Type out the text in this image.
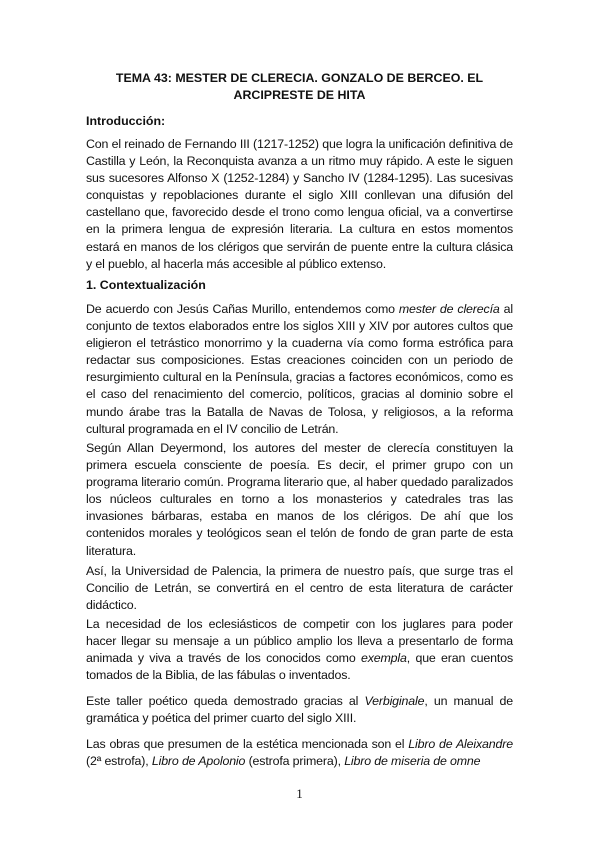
TEMA 43: MESTER DE CLERECIA. GONZALO DE BERCEO. EL ARCIPRESTE DE HITA
Introducción:
Con el reinado de Fernando III (1217-1252) que logra la unificación definitiva de Castilla y León, la Reconquista avanza a un ritmo muy rápido. A este le siguen sus sucesores Alfonso X (1252-1284) y Sancho IV (1284-1295). Las sucesivas conquistas y repoblaciones durante el siglo XIII conllevan una difusión del castellano que, favorecido desde el trono como lengua oficial, va a convertirse en la primera lengua de expresión literaria. La cultura en estos momentos estará en manos de los clérigos que servirán de puente entre la cultura clásica y el pueblo, al hacerla más accesible al público extenso.
1. Contextualización
De acuerdo con Jesús Cañas Murillo, entendemos como mester de clerecía al conjunto de textos elaborados entre los siglos XIII y XIV por autores cultos que eligieron el tetrástico monorrimo y la cuaderna vía como forma estrófica para redactar sus composiciones. Estas creaciones coinciden con un periodo de resurgimiento cultural en la Península, gracias a factores económicos, como es el caso del renacimiento del comercio, políticos, gracias al dominio sobre el mundo árabe tras la Batalla de Navas de Tolosa, y religiosos, a la reforma cultural programada en el IV concilio de Letrán.
Según Allan Deyermond, los autores del mester de clerecía constituyen la primera escuela consciente de poesía. Es decir, el primer grupo con un programa literario común. Programa literario que, al haber quedado paralizados los núcleos culturales en torno a los monasterios y catedrales tras las invasiones bárbaras, estaba en manos de los clérigos. De ahí que los contenidos morales y teológicos sean el telón de fondo de gran parte de esta literatura.
Así, la Universidad de Palencia, la primera de nuestro país, que surge tras el Concilio de Letrán, se convertirá en el centro de esta literatura de carácter didáctico.
La necesidad de los eclesiásticos de competir con los juglares para poder hacer llegar su mensaje a un público amplio los lleva a presentarlo de forma animada y viva a través de los conocidos como exempla, que eran cuentos tomados de la Biblia, de las fábulas o inventados.
Este taller poético queda demostrado gracias al Verbiginale, un manual de gramática y poética del primer cuarto del siglo XIII.
Las obras que presumen de la estética mencionada son el Libro de Aleixandre (2ª estrofa), Libro de Apolonio (estrofa primera), Libro de miseria de omne
1
